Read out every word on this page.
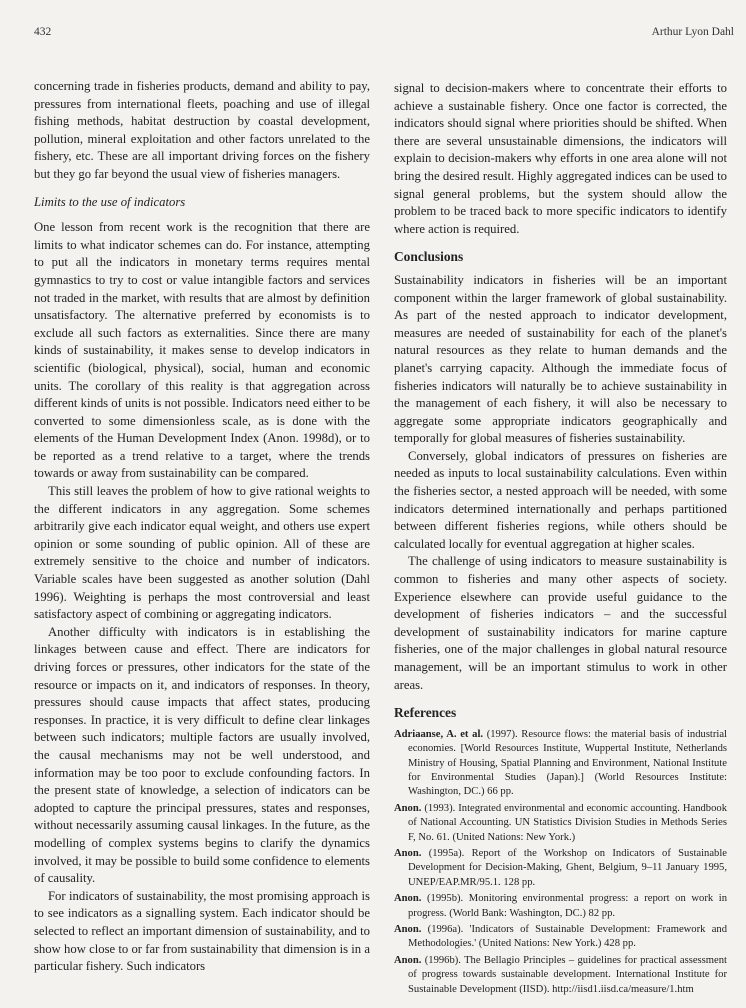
432	Arthur Lyon Dahl

concerning trade in fisheries products, demand and ability to pay, pressures from international fleets, poaching and use of illegal fishing methods, habitat destruction by coastal development, pollution, mineral exploitation and other factors unrelated to the fishery, etc. These are all important driving forces on the fishery but they go far beyond the usual view of fisheries managers.

Limits to the use of indicators

One lesson from recent work is the recognition that there are limits to what indicator schemes can do. For instance, attempting to put all the indicators in monetary terms requires mental gymnastics to try to cost or value intangible factors and services not traded in the market, with results that are almost by definition unsatisfactory. The alternative preferred by economists is to exclude all such factors as externalities. Since there are many kinds of sustainability, it makes sense to develop indicators in scientific (biological, physical), social, human and economic units. The corollary of this reality is that aggregation across different kinds of units is not possible. Indicators need either to be converted to some dimensionless scale, as is done with the elements of the Human Development Index (Anon. 1998d), or to be reported as a trend relative to a target, where the trends towards or away from sustainability can be compared.

This still leaves the problem of how to give rational weights to the different indicators in any aggregation. Some schemes arbitrarily give each indicator equal weight, and others use expert opinion or some sounding of public opinion. All of these are extremely sensitive to the choice and number of indicators. Variable scales have been suggested as another solution (Dahl 1996). Weighting is perhaps the most controversial and least satisfactory aspect of combining or aggregating indicators.

Another difficulty with indicators is in establishing the linkages between cause and effect. There are indicators for driving forces or pressures, other indicators for the state of the resource or impacts on it, and indicators of responses. In theory, pressures should cause impacts that affect states, producing responses. In practice, it is very difficult to define clear linkages between such indicators; multiple factors are usually involved, the causal mechanisms may not be well understood, and information may be too poor to exclude confounding factors. In the present state of knowledge, a selection of indicators can be adopted to capture the principal pressures, states and responses, without necessarily assuming causal linkages. In the future, as the modelling of complex systems begins to clarify the dynamics involved, it may be possible to build some confidence to elements of causality.

For indicators of sustainability, the most promising approach is to see indicators as a signalling system. Each indicator should be selected to reflect an important dimension of sustainability, and to show how close to or far from sustainability that dimension is in a particular fishery. Such indicators

signal to decision-makers where to concentrate their efforts to achieve a sustainable fishery. Once one factor is corrected, the indicators should signal where priorities should be shifted. When there are several unsustainable dimensions, the indicators will explain to decision-makers why efforts in one area alone will not bring the desired result. Highly aggregated indices can be used to signal general problems, but the system should allow the problem to be traced back to more specific indicators to identify where action is required.

Conclusions

Sustainability indicators in fisheries will be an important component within the larger framework of global sustainability. As part of the nested approach to indicator development, measures are needed of sustainability for each of the planet's natural resources as they relate to human demands and the planet's carrying capacity. Although the immediate focus of fisheries indicators will naturally be to achieve sustainability in the management of each fishery, it will also be necessary to aggregate some appropriate indicators geographically and temporally for global measures of fisheries sustainability.

Conversely, global indicators of pressures on fisheries are needed as inputs to local sustainability calculations. Even within the fisheries sector, a nested approach will be needed, with some indicators determined internationally and perhaps partitioned between different fisheries regions, while others should be calculated locally for eventual aggregation at higher scales.

The challenge of using indicators to measure sustainability is common to fisheries and many other aspects of society. Experience elsewhere can provide useful guidance to the development of fisheries indicators – and the successful development of sustainability indicators for marine capture fisheries, one of the major challenges in global natural resource management, will be an important stimulus to work in other areas.

References

Adriaanse, A. et al. (1997). Resource flows: the material basis of industrial economies. [World Resources Institute, Wuppertal Institute, Netherlands Ministry of Housing, Spatial Planning and Environment, National Institute for Environmental Studies (Japan).] (World Resources Institute: Washington, DC.) 66 pp.

Anon. (1993). Integrated environmental and economic accounting. Handbook of National Accounting. UN Statistics Division Studies in Methods Series F, No. 61. (United Nations: New York.)

Anon. (1995a). Report of the Workshop on Indicators of Sustainable Development for Decision-Making, Ghent, Belgium, 9–11 January 1995, UNEP/EAP.MR/95.1. 128 pp.

Anon. (1995b). Monitoring environmental progress: a report on work in progress. (World Bank: Washington, DC.) 82 pp.

Anon. (1996a). 'Indicators of Sustainable Development: Framework and Methodologies.' (United Nations: New York.) 428 pp.

Anon. (1996b). The Bellagio Principles – guidelines for practical assessment of progress towards sustainable development. International Institute for Sustainable Development (IISD). http://iisd1.iisd.ca/measure/1.htm
